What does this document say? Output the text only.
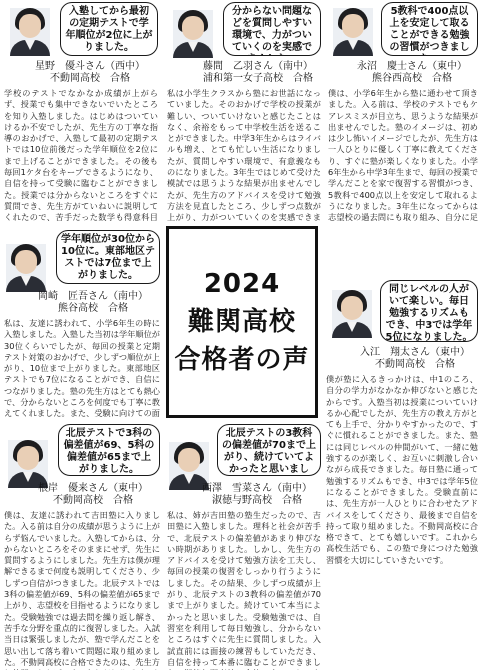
2024
難関高校
合格者の声
入塾してから最初の定期テストで学年順位が2位に上がりました。
星野　優斗さん（西中）
不動岡高校　合格
学校のテストでなかなか成績が上がらず、授業でも集中できないでいたところを知り入塾しました。はじめはついていけるか不安でしたが、先生方の丁寧な指導のおかげで、入塾して最初の定期テストでは10位前後だった学年順位を2位にまで上げることができました。その後も毎回1ケタ台をキープできるようになり、自信を持って受験に臨むことができました。授業では分からないところをすぐに質問でき、先生方がていねいに説明してくれたので、苦手だった数学も得意科目
分からない問題などを質問しやすい環境で、力がついていくのを実感で
藤間　乙羽さん（南中）
浦和第一女子高校　合格
私は小学生クラスから塾にお世話になっていました。そのおかげで学校の授業が難しい、ついていけないと感じたことはなく、余裕をもって中学校生活を送ることができました。中学3年生からはライバルも増え、とても忙しい生活になりましたが、質問しやすい環境で、有意義なものになりました。3年生ではじめて受けた模試では思うような結果が出ませんでしたが、先生方のアドバイスを受けて勉強方法を見直したところ、少しずつ点数が上がり、力がついていくのを実感できま
5教科で400点以上を安定して取ることができる勉強の習慣がつきまし
永沼　慶士さん（東中）
熊谷西高校　合格
僕は、小学6年生から塾に通わせて頂きました。入る前は、学校のテストでもケアレスミスが目立ち、思うような結果が出ませんでした。塾のイメージは、初めは少し怖いイメージでしたが、先生方は一人ひとりに優しく丁寧に教えてくださり、すぐに塾が楽しくなりました。小学6年生から中学3年生まで、毎回の授業で学んだことを家で復習する習慣がつき、5教科で400点以上を安定して取れるようになりました。3年生になってからは志望校の過去問にも取り組み、自分に足
学年順位が30位から10位に。東部地区テストでは7位まで上がりました。
岡崎　匠吾さん（南中）
熊谷高校　合格
私は、友達に誘われて、小学6年生の時に入塾しました。入塾した当初は学年順位が30位くらいでしたが、毎回の授業と定期テスト対策のおかげで、少しずつ順位が上がり、10位まで上がりました。東部地区テストでも7位になることができ、自信につながりました。塾の先生方はとても熱心で、分からないところを何度でも丁寧に教えてくれました。また、受験に向けての面
同じレベルの人がいて楽しい。毎日勉強するリズムもでき、中3では学年5位になりました。
入江　翔太さん（東中）
不動岡高校　合格
僕が塾に入るきっかけは、中1のころ、自分の学力がなかなか伸びないと感じたからです。入塾当初は授業についていけるか心配でしたが、先生方の教え方がとても上手で、分かりやすかったので、すぐに慣れることができました。また、塾には同じレベルの仲間がいて、一緒に勉強するのが楽しく、お互いに刺激し合いながら成長できました。毎日塾に通って勉強するリズムもでき、中3では学年5位になることができました。受験直前には、先生方が一人ひとりに合わせたアドバイスをしてくださり、最後まで自信を持って取り組めました。不動岡高校に合格できて、とても嬉しいです。これから高校生活でも、この塾で身につけた勉強習慣を大切にしていきたいです。
北辰テストで3科の偏差値が69、5科の偏差値が65まで上がりました。
根岸　優来さん（東中）
不動岡高校　合格
僕は、友達に誘われて吉田塾に入りました。入る前は自分の成績が思うように上がらず悩んでいました。入塾してからは、分からないところをそのままにせず、先生に質問するようにしました。先生方は僕が理解できるまで何度も説明してくださり、少しずつ自信がつきました。北辰テストでは3科の偏差値が69、5科の偏差値が65まで上がり、志望校を目指せるようになりました。受験勉強では過去問を繰り返し解き、苦手な分野を重点的に復習しました。入試当日は緊張しましたが、塾で学んだことを思い出して落ち着いて問題に取り組めました。不動岡高校に合格できたのは、先生方
北辰テストの3教科の偏差値が70まで上がり、続けていてよかったと思いまし
西澤　雪菜さん（南中）
淑徳与野高校　合格
私は、姉が吉田塾の塾生だったので、吉田塾に入塾しました。理科と社会が苦手で、北辰テストの偏差値があまり伸びない時期がありました。しかし、先生方のアドバイスを受けて勉強方法を工夫し、毎回の授業の復習をしっかり行うようにしました。その結果、少しずつ成績が上がり、北辰テストの3教科の偏差値が70まで上がりました。続けていて本当によかったと思いました。受験勉強では、自習室を利用して毎日勉強し、分からないところはすぐに先生に質問しました。入試直前には面接の練習もしていただき、自信を持って本番に臨むことができまし
